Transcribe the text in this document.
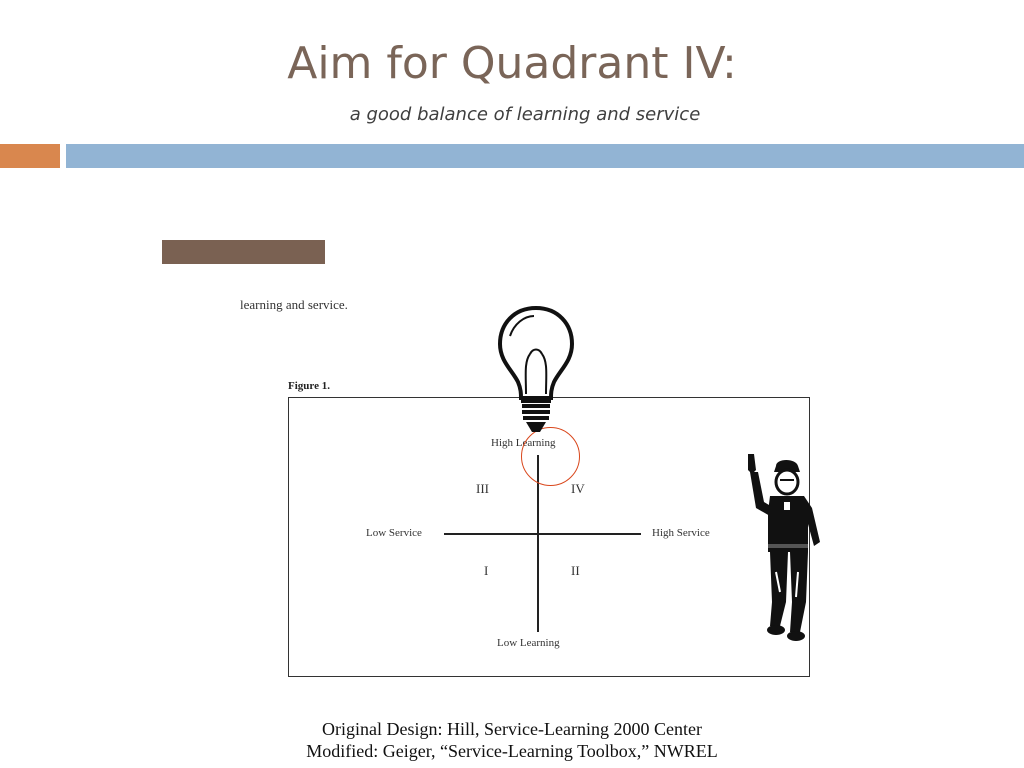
Aim for Quadrant IV:
a good balance of learning and service
learning and service.
Figure 1.
High Learning
Low Learning
Low Service	High Service
III	IV
I	II
Original Design: Hill, Service-Learning 2000 Center
Modified: Geiger, “Service-Learning Toolbox,” NWREL
